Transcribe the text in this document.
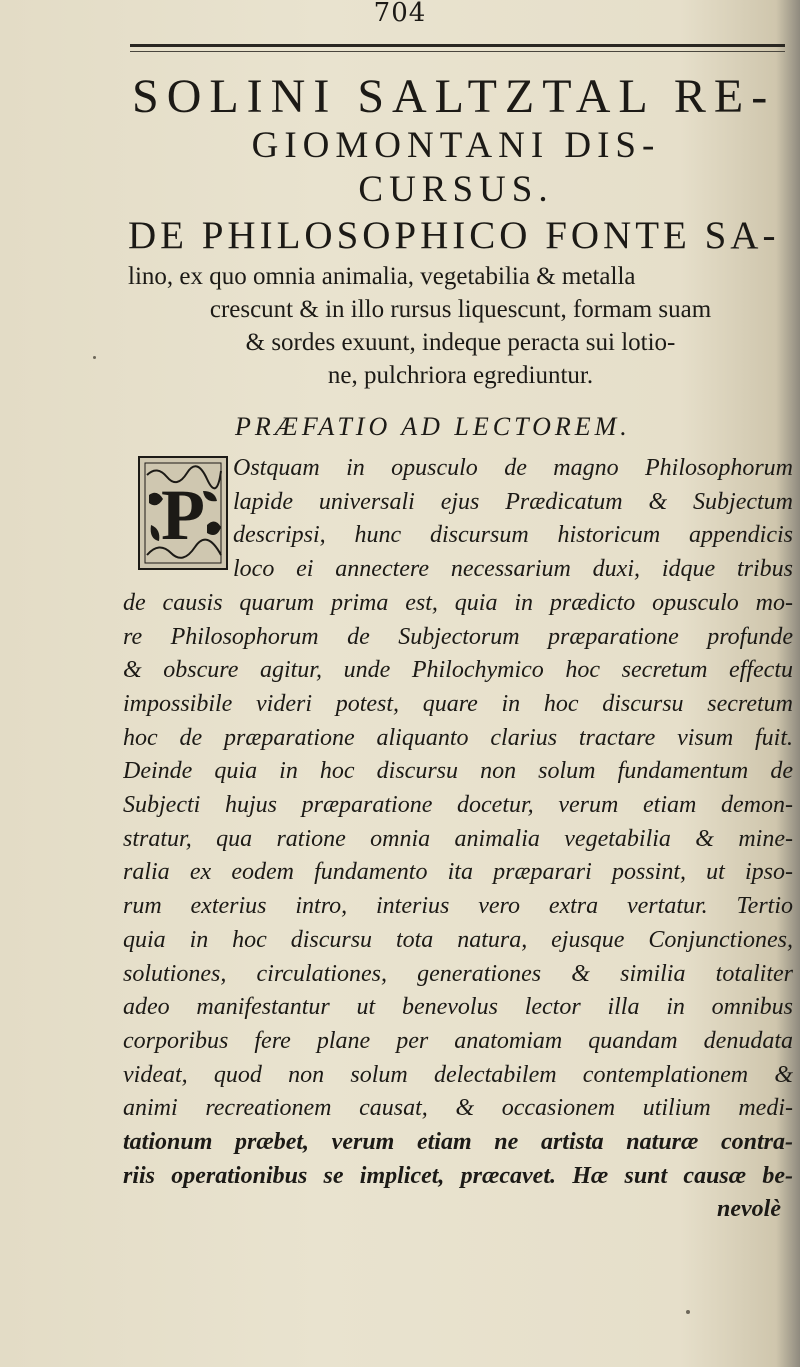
704
SOLINI SALTZTAL RE-
GIOMONTANI DIS-
CURSUS.
DE PHILOSOPHICO FONTE SA-
lino, ex quo omnia animalia, vegetabilia & metalla
crescunt & in illo rursus liquescunt, formam suam
& sordes exuunt, indeque peracta sui lotio-
ne, pulchriora egrediuntur.
PRÆFATIO AD LECTOREM.
P
Ostquam in opusculo de magno Philosophorum
lapide universali ejus Prædicatum & Subjectum
descripsi, hunc discursum historicum appendicis
loco ei annectere necessarium duxi, idque tribus
de causis quarum prima est, quia in prædicto opusculo mo-
re Philosophorum de Subjectorum præparatione profunde
& obscure agitur, unde Philochymico hoc secretum effectu
impossibile videri potest, quare in hoc discursu secretum
hoc de præparatione aliquanto clarius tractare visum fuit.
Deinde quia in hoc discursu non solum fundamentum de
Subjecti hujus præparatione docetur, verum etiam demon-
stratur, qua ratione omnia animalia vegetabilia & mine-
ralia ex eodem fundamento ita præparari possint, ut ipso-
rum exterius intro, interius vero extra vertatur. Tertio
quia in hoc discursu tota natura, ejusque Conjunctiones,
solutiones, circulationes, generationes & similia totaliter
adeo manifestantur ut benevolus lector illa in omnibus
corporibus fere plane per anatomiam quandam denudata
videat, quod non solum delectabilem contemplationem &
animi recreationem causat, & occasionem utilium medi-
tationum præbet, verum etiam ne artista naturæ contra-
riis operationibus se implicet, præcavet. Hæ sunt causæ be-
nevolè
